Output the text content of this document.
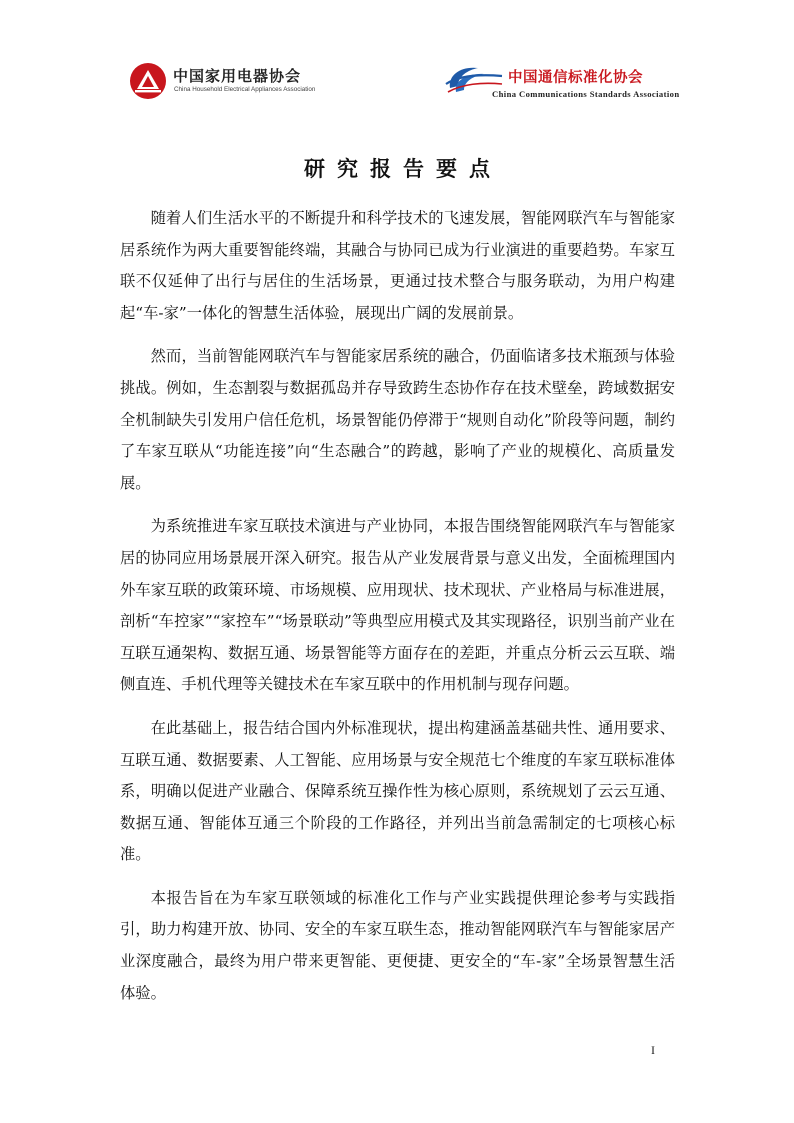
中国家用电器协会
China Household Electrical Appliances Association
中国通信标准化协会
China Communications Standards Association
研究报告要点

随着人们生活水平的不断提升和科学技术的飞速发展，智能网联汽车与智能家居系统作为两大重要智能终端，其融合与协同已成为行业演进的重要趋势。车家互联不仅延伸了出行与居住的生活场景，更通过技术整合与服务联动，为用户构建起“车-家”一体化的智慧生活体验，展现出广阔的发展前景。

然而，当前智能网联汽车与智能家居系统的融合，仍面临诸多技术瓶颈与体验挑战。例如，生态割裂与数据孤岛并存导致跨生态协作存在技术壁垒，跨域数据安全机制缺失引发用户信任危机，场景智能仍停滞于“规则自动化”阶段等问题，制约了车家互联从“功能连接”向“生态融合”的跨越，影响了产业的规模化、高质量发展。

为系统推进车家互联技术演进与产业协同，本报告围绕智能网联汽车与智能家居的协同应用场景展开深入研究。报告从产业发展背景与意义出发，全面梳理国内外车家互联的政策环境、市场规模、应用现状、技术现状、产业格局与标准进展，剖析“车控家”“家控车”“场景联动”等典型应用模式及其实现路径，识别当前产业在互联互通架构、数据互通、场景智能等方面存在的差距，并重点分析云云互联、端侧直连、手机代理等关键技术在车家互联中的作用机制与现存问题。

在此基础上，报告结合国内外标准现状，提出构建涵盖基础共性、通用要求、互联互通、数据要素、人工智能、应用场景与安全规范七个维度的车家互联标准体系，明确以促进产业融合、保障系统互操作性为核心原则，系统规划了云云互通、数据互通、智能体互通三个阶段的工作路径，并列出当前急需制定的七项核心标准。

本报告旨在为车家互联领域的标准化工作与产业实践提供理论参考与实践指引，助力构建开放、协同、安全的车家互联生态，推动智能网联汽车与智能家居产业深度融合，最终为用户带来更智能、更便捷、更安全的“车-家”全场景智慧生活体验。

I
